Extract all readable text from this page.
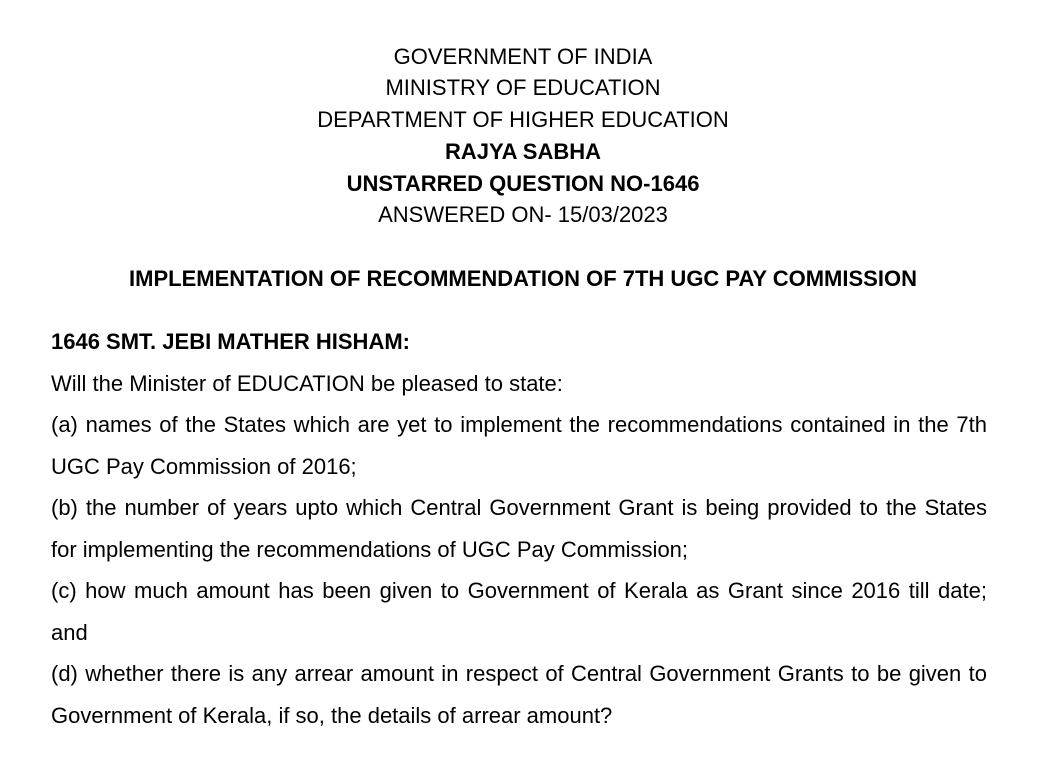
GOVERNMENT OF INDIA
MINISTRY OF EDUCATION
DEPARTMENT OF HIGHER EDUCATION
RAJYA SABHA
UNSTARRED QUESTION NO-1646
ANSWERED ON- 15/03/2023
IMPLEMENTATION OF RECOMMENDATION OF 7TH UGC PAY COMMISSION

1646 SMT. JEBI MATHER HISHAM:

Will the Minister of EDUCATION be pleased to state:

(a) names of the States which are yet to implement the recommendations contained in the 7th UGC Pay Commission of 2016;

(b) the number of years upto which Central Government Grant is being provided to the States for implementing the recommendations of UGC Pay Commission;

(c) how much amount has been given to Government of Kerala as Grant since 2016 till date; and

(d) whether there is any arrear amount in respect of Central Government Grants to be given to Government of Kerala, if so, the details of arrear amount?
